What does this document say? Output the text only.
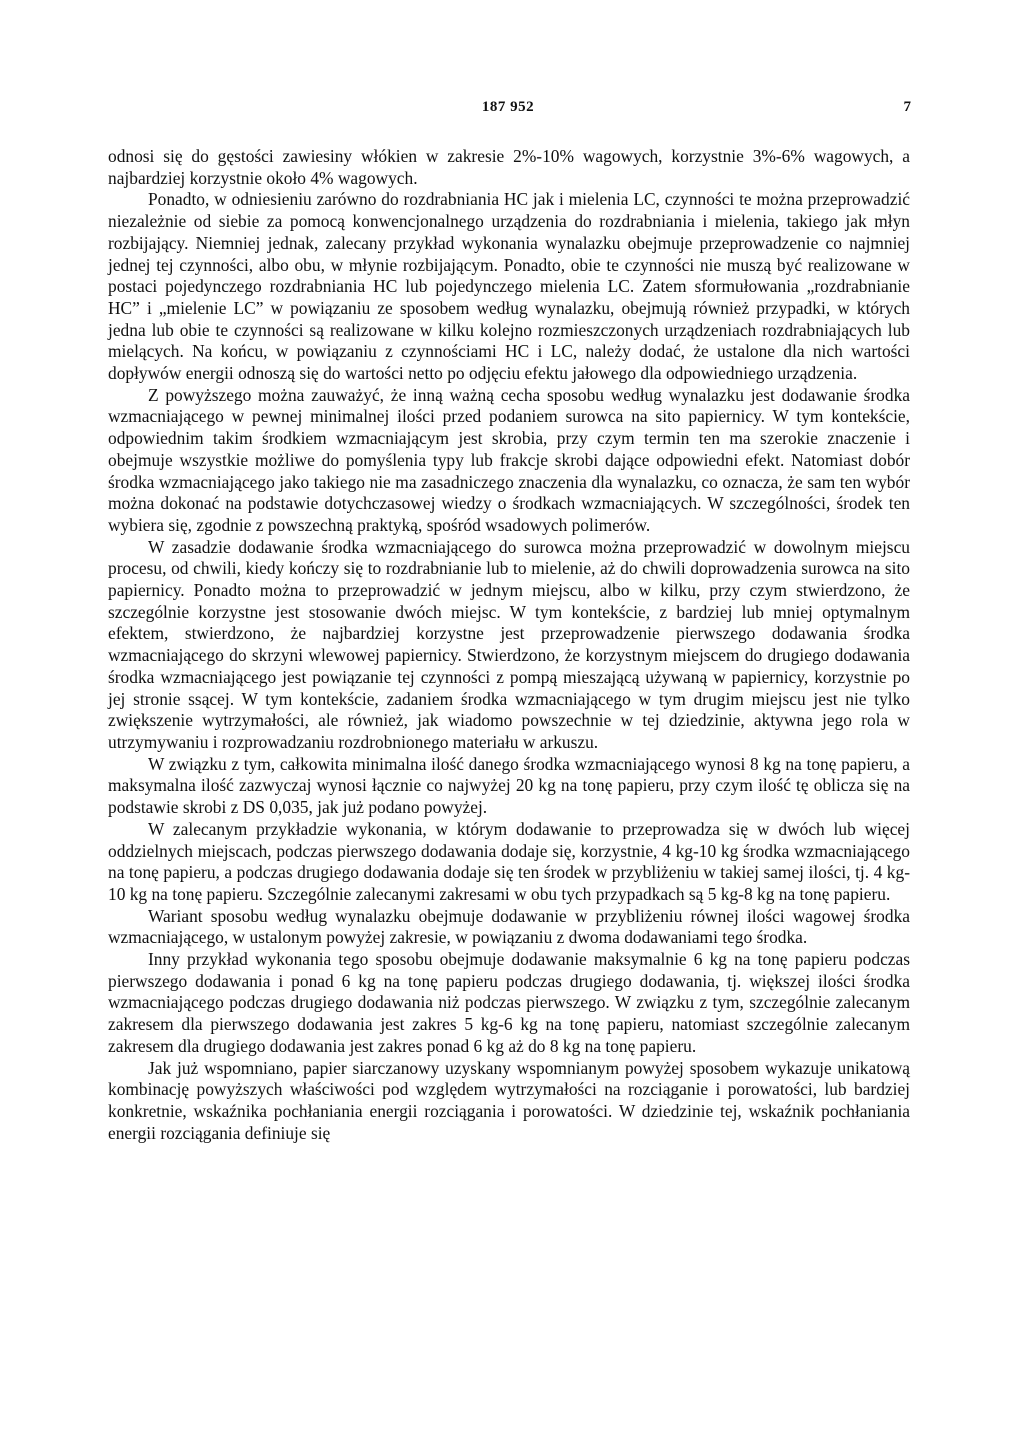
187 952	7

odnosi się do gęstości zawiesiny włókien w zakresie 2%-10% wagowych, korzystnie 3%-6% wagowych, a najbardziej korzystnie około 4% wagowych.

Ponadto, w odniesieniu zarówno do rozdrabniania HC jak i mielenia LC, czynności te można przeprowadzić niezależnie od siebie za pomocą konwencjonalnego urządzenia do rozdrabniania i mielenia, takiego jak młyn rozbijający. Niemniej jednak, zalecany przykład wykonania wynalazku obejmuje przeprowadzenie co najmniej jednej tej czynności, albo obu, w młynie rozbijającym. Ponadto, obie te czynności nie muszą być realizowane w postaci pojedynczego rozdrabniania HC lub pojedynczego mielenia LC. Zatem sformułowania „rozdrabnianie HC” i „mielenie LC” w powiązaniu ze sposobem według wynalazku, obejmują również przypadki, w których jedna lub obie te czynności są realizowane w kilku kolejno rozmieszczonych urządzeniach rozdrabniających lub mielących. Na końcu, w powiązaniu z czynnościami HC i LC, należy dodać, że ustalone dla nich wartości dopływów energii odnoszą się do wartości netto po odjęciu efektu jałowego dla odpowiedniego urządzenia.

Z powyższego można zauważyć, że inną ważną cecha sposobu według wynalazku jest dodawanie środka wzmacniającego w pewnej minimalnej ilości przed podaniem surowca na sito papiernicy. W tym kontekście, odpowiednim takim środkiem wzmacniającym jest skrobia, przy czym termin ten ma szerokie znaczenie i obejmuje wszystkie możliwe do pomyślenia typy lub frakcje skrobi dające odpowiedni efekt. Natomiast dobór środka wzmacniającego jako takiego nie ma zasadniczego znaczenia dla wynalazku, co oznacza, że sam ten wybór można dokonać na podstawie dotychczasowej wiedzy o środkach wzmacniających. W szczególności, środek ten wybiera się, zgodnie z powszechną praktyką, spośród wsadowych polimerów.

W zasadzie dodawanie środka wzmacniającego do surowca można przeprowadzić w dowolnym miejscu procesu, od chwili, kiedy kończy się to rozdrabnianie lub to mielenie, aż do chwili doprowadzenia surowca na sito papiernicy. Ponadto można to przeprowadzić w jednym miejscu, albo w kilku, przy czym stwierdzono, że szczególnie korzystne jest stosowanie dwóch miejsc. W tym kontekście, z bardziej lub mniej optymalnym efektem, stwierdzono, że najbardziej korzystne jest przeprowadzenie pierwszego dodawania środka wzmacniającego do skrzyni wlewowej papiernicy. Stwierdzono, że korzystnym miejscem do drugiego dodawania środka wzmacniającego jest powiązanie tej czynności z pompą mieszającą używaną w papiernicy, korzystnie po jej stronie ssącej. W tym kontekście, zadaniem środka wzmacniającego w tym drugim miejscu jest nie tylko zwiększenie wytrzymałości, ale również, jak wiadomo powszechnie w tej dziedzinie, aktywna jego rola w utrzymywaniu i rozprowadzaniu rozdrobnionego materiału w arkuszu.

W związku z tym, całkowita minimalna ilość danego środka wzmacniającego wynosi 8 kg na tonę papieru, a maksymalna ilość zazwyczaj wynosi łącznie co najwyżej 20 kg na tonę papieru, przy czym ilość tę oblicza się na podstawie skrobi z DS 0,035, jak już podano powyżej.

W zalecanym przykładzie wykonania, w którym dodawanie to przeprowadza się w dwóch lub więcej oddzielnych miejscach, podczas pierwszego dodawania dodaje się, korzystnie, 4 kg-10 kg środka wzmacniającego na tonę papieru, a podczas drugiego dodawania dodaje się ten środek w przybliżeniu w takiej samej ilości, tj. 4 kg-10 kg na tonę papieru. Szczególnie zalecanymi zakresami w obu tych przypadkach są 5 kg-8 kg na tonę papieru.

Wariant sposobu według wynalazku obejmuje dodawanie w przybliżeniu równej ilości wagowej środka wzmacniającego, w ustalonym powyżej zakresie, w powiązaniu z dwoma dodawaniami tego środka.

Inny przykład wykonania tego sposobu obejmuje dodawanie maksymalnie 6 kg na tonę papieru podczas pierwszego dodawania i ponad 6 kg na tonę papieru podczas drugiego dodawania, tj. większej ilości środka wzmacniającego podczas drugiego dodawania niż podczas pierwszego. W związku z tym, szczególnie zalecanym zakresem dla pierwszego dodawania jest zakres 5 kg-6 kg na tonę papieru, natomiast szczególnie zalecanym zakresem dla drugiego dodawania jest zakres ponad 6 kg aż do 8 kg na tonę papieru.

Jak już wspomniano, papier siarczanowy uzyskany wspomnianym powyżej sposobem wykazuje unikatową kombinację powyższych właściwości pod względem wytrzymałości na rozciąganie i porowatości, lub bardziej konkretnie, wskaźnika pochłaniania energii rozciągania i porowatości. W dziedzinie tej, wskaźnik pochłaniania energii rozciągania definiuje się
